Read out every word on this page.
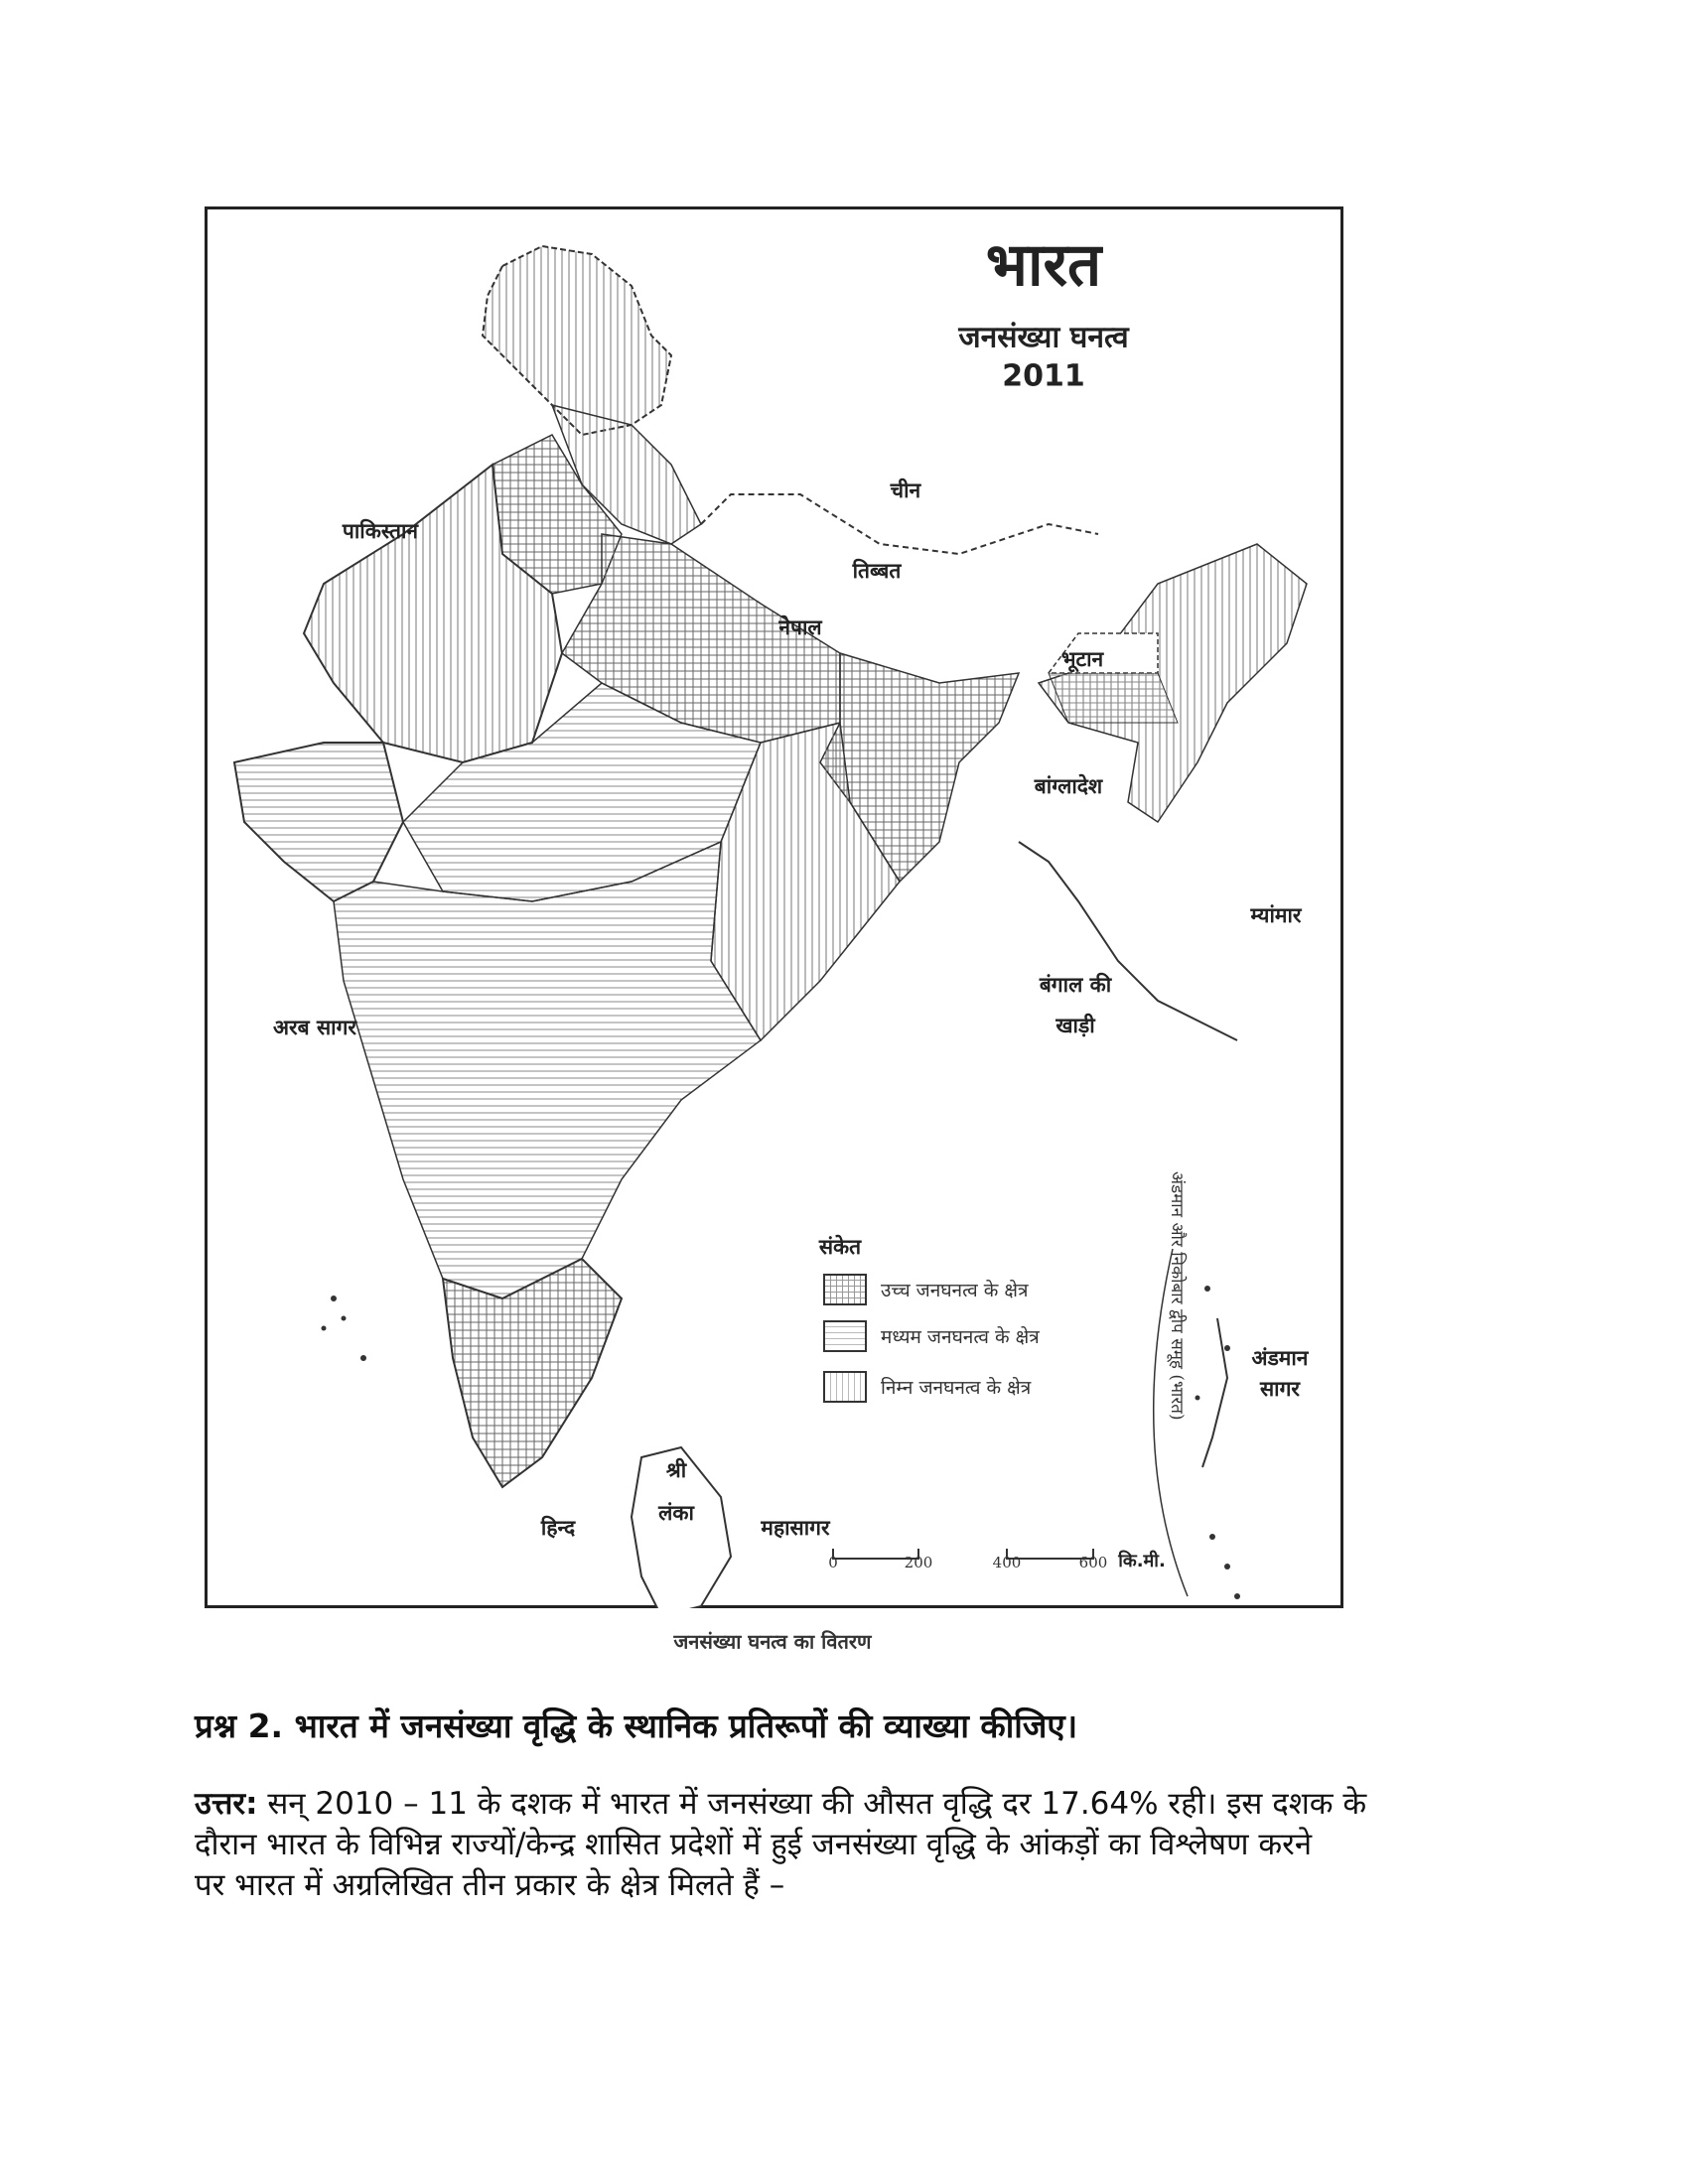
भारत
जनसंख्या घनत्व
2011
चीन
पाकिस्तान
तिब्बत
नेपाल
भूटान
बांग्लादेश
म्यांमार
बंगाल की
खाड़ी
अरब सागर
अंडमान
सागर
श्री
लंका
हिन्द	महासागर
अंडमान और निकोबार द्वीप समूह (भारत)
संकेत
उच्च जनघनत्व के क्षेत्र
मध्यम जनघनत्व के क्षेत्र
निम्न जनघनत्व के क्षेत्र
0	200	400	600 कि.मी.
जनसंख्या घनत्व का वितरण
प्रश्न 2. भारत में जनसंख्या वृद्धि के स्थानिक प्रतिरूपों की व्याख्या कीजिए।
उत्तर: सन् 2010 – 11 के दशक में भारत में जनसंख्या की औसत वृद्धि दर 17.64% रही। इस दशक के
दौरान भारत के विभिन्न राज्यों/केन्द्र शासित प्रदेशों में हुई जनसंख्या वृद्धि के आंकड़ों का विश्लेषण करने
पर भारत में अग्रलिखित तीन प्रकार के क्षेत्र मिलते हैं –
